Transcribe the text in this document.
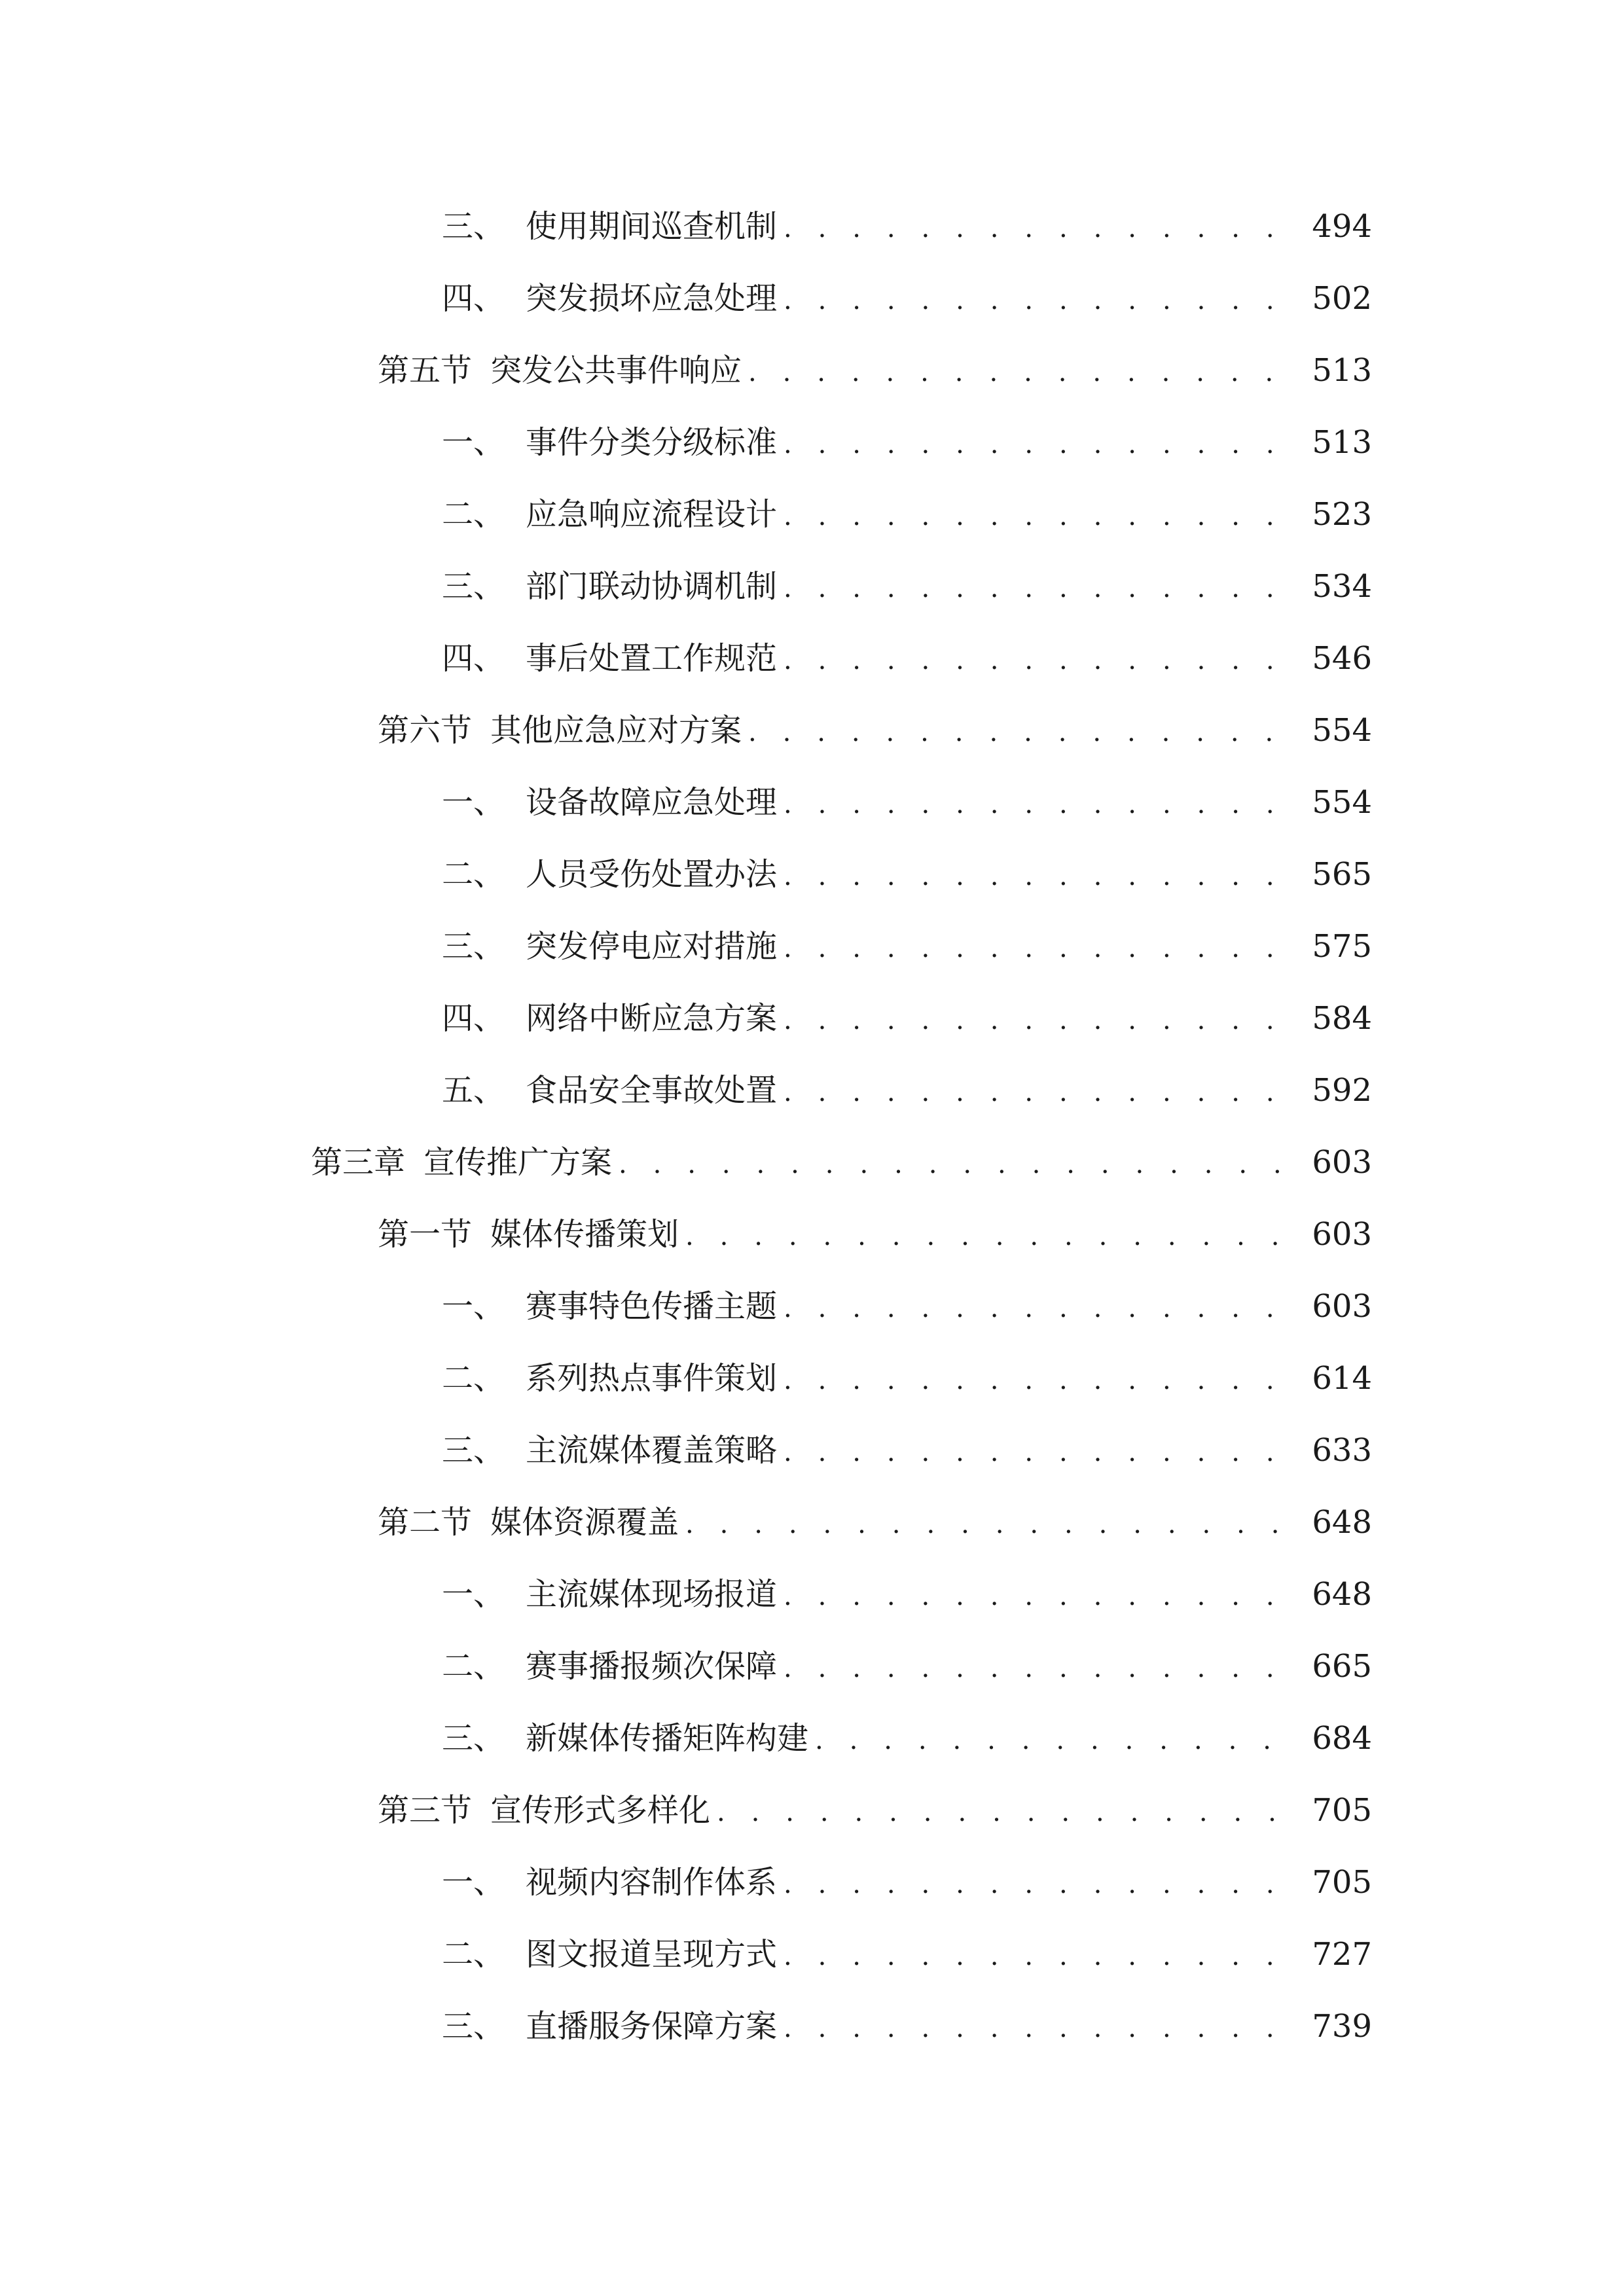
三、 使用期间巡查机制 . . .	494
四、 突发损坏应急处理 . . .	502
第五节 突发公共事件响应 . . .	513
一、 事件分类分级标准 . . .	513
二、 应急响应流程设计 . . .	523
三、 部门联动协调机制 . . .	534
四、 事后处置工作规范 . . .	546
第六节 其他应急应对方案 . . .	554
一、 设备故障应急处理 . . .	554
二、 人员受伤处置办法 . . .	565
三、 突发停电应对措施 . . .	575
四、 网络中断应急方案 . . .	584
五、 食品安全事故处置 . . .	592
第三章 宣传推广方案 . . .	603
第一节 媒体传播策划 . . .	603
一、 赛事特色传播主题 . . .	603
二、 系列热点事件策划 . . .	614
三、 主流媒体覆盖策略 . . .	633
第二节 媒体资源覆盖 . . .	648
一、 主流媒体现场报道 . . .	648
二、 赛事播报频次保障 . . .	665
三、 新媒体传播矩阵构建 . . .	684
第三节 宣传形式多样化 . . .	705
一、 视频内容制作体系 . . .	705
二、 图文报道呈现方式 . . .	727
三、 直播服务保障方案 . . .	739
